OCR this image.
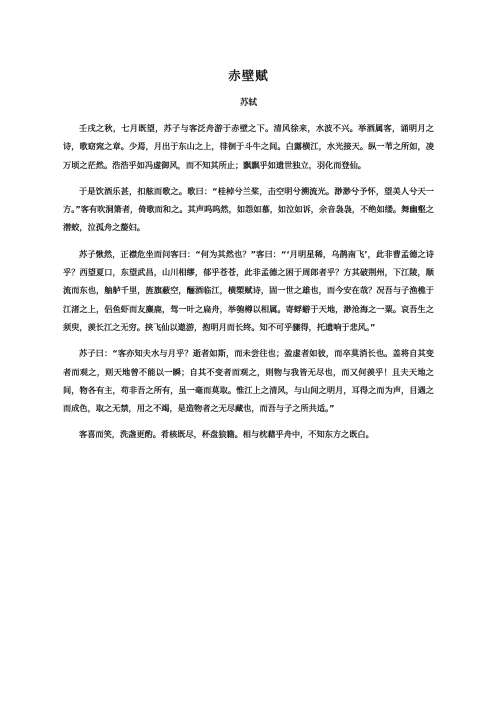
赤壁赋
苏轼

壬戌之秋，七月既望，苏子与客泛舟游于赤壁之下。清风徐来，水波不兴。举酒属客，诵明月之诗，歌窈窕之章。少焉，月出于东山之上，徘徊于斗牛之间。白露横江，水光接天。纵一苇之所如，凌万顷之茫然。浩浩乎如冯虚御风，而不知其所止；飘飘乎如遗世独立，羽化而登仙。

于是饮酒乐甚，扣舷而歌之。歌曰：“桂棹兮兰桨，击空明兮溯流光。渺渺兮予怀，望美人兮天一方。”客有吹洞箫者，倚歌而和之。其声呜呜然，如怨如慕，如泣如诉，余音袅袅，不绝如缕。舞幽壑之潜蛟，泣孤舟之嫠妇。

苏子愀然，正襟危坐而问客曰：“何为其然也？”客曰：“‘月明星稀，乌鹊南飞’，此非曹孟德之诗乎？西望夏口，东望武昌，山川相缪，郁乎苍苍，此非孟德之困于周郎者乎？方其破荆州，下江陵，顺流而东也，舳舻千里，旌旗蔽空，酾酒临江，横槊赋诗，固一世之雄也，而今安在哉？况吾与子渔樵于江渚之上，侣鱼虾而友麋鹿，驾一叶之扁舟，举匏樽以相属。寄蜉蝣于天地，渺沧海之一粟。哀吾生之须臾，羡长江之无穷。挟飞仙以遨游，抱明月而长终。知不可乎骤得，托遗响于悲风。”

苏子曰：“客亦知夫水与月乎？逝者如斯，而未尝往也；盈虚者如彼，而卒莫消长也。盖将自其变者而观之，则天地曾不能以一瞬；自其不变者而观之，则物与我皆无尽也，而又何羡乎！且夫天地之间，物各有主，苟非吾之所有，虽一毫而莫取。惟江上之清风，与山间之明月，耳得之而为声，目遇之而成色，取之无禁，用之不竭，是造物者之无尽藏也，而吾与子之所共适。”

客喜而笑，洗盏更酌。肴核既尽，杯盘狼籍。相与枕藉乎舟中，不知东方之既白。
